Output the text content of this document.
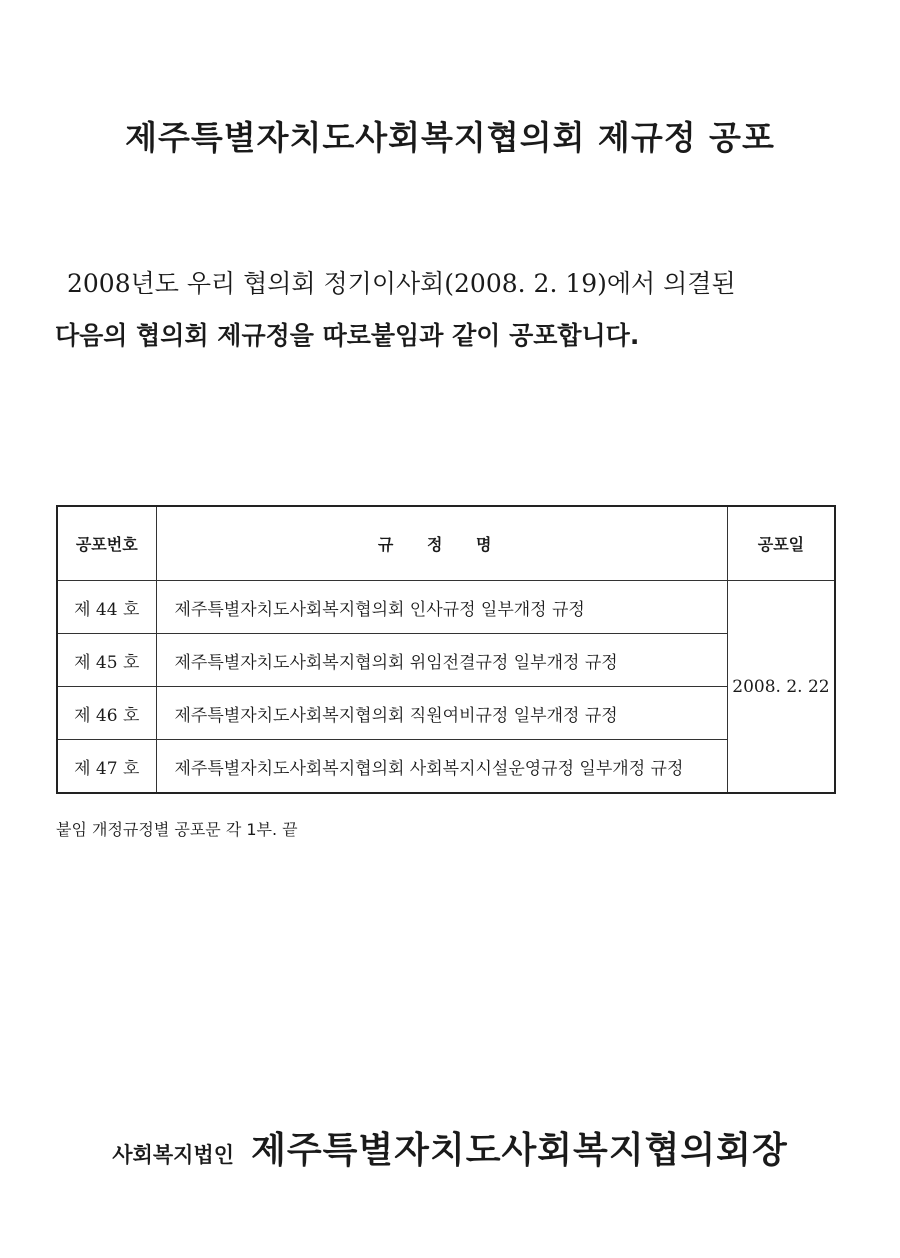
제주특별자치도사회복지협의회 제규정 공포
2008년도 우리 협의회 정기이사회(2008. 2. 19)에서 의결된
다음의 협의회 제규정을 따로붙임과 같이 공포합니다.
공포번호	규 정 명	공포일
제 44 호	제주특별자치도사회복지협의회 인사규정 일부개정 규정	2008. 2. 22
제 45 호	제주특별자치도사회복지협의회 위임전결규정 일부개정 규정	
제 46 호	제주특별자치도사회복지협의회 직원여비규정 일부개정 규정	
제 47 호	제주특별자치도사회복지협의회 사회복지시설운영규정 일부개정 규정	
붙임 개정규정별 공포문 각 1부. 끝
사회복지법인 제주특별자치도사회복지협의회장
